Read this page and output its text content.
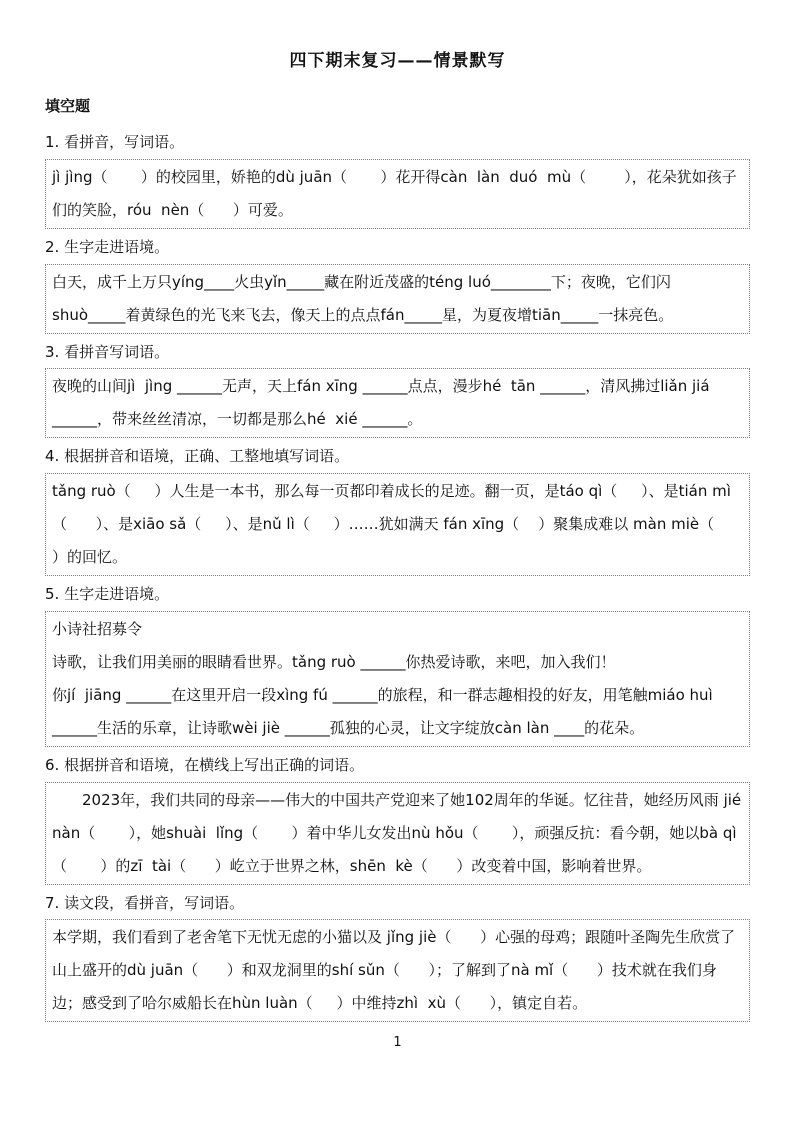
四下期末复习——情景默写
填空题
1. 看拼音，写词语。

jì jìng（       ）的校园里，娇艳的dù juān（       ）花开得càn  làn  duó  mù（        ），花朵犹如孩子们的笑脸，róu  nèn（      ）可爱。

2. 生字走进语境。

白天，成千上万只yíng____火虫yǐn_____藏在附近茂盛的téng luó________下；夜晚，它们闪shuò_____着黄绿色的光飞来飞去，像天上的点点fán_____星，为夏夜增tiān_____一抹亮色。

3. 看拼音写词语。

夜晚的山间jì  jìng ______无声，天上fán xīng ______点点，漫步hé  tān ______，清风拂过liǎn jiá ______，带来丝丝清凉，一切都是那么hé  xié ______。

4. 根据拼音和语境，正确、工整地填写词语。

tǎng ruò（     ）人生是一本书，那么每一页都印着成长的足迹。翻一页，是táo qì（     ）、是tián mì（      ）、是xiāo sǎ（     ）、是nǔ lì（     ）……犹如满天 fán xīng（    ）聚集成难以 màn miè（     ）的回忆。

5. 生字走进语境。

小诗社招募令

诗歌，让我们用美丽的眼睛看世界。tǎng ruò ______你热爱诗歌，来吧，加入我们！

你jí  jiāng ______在这里开启一段xìng fú ______的旅程，和一群志趣相投的好友，用笔触miáo huì ______生活的乐章，让诗歌wèi jiè ______孤独的心灵，让文字绽放càn làn ____的花朵。

6. 根据拼音和语境，在横线上写出正确的词语。

2023年，我们共同的母亲——伟大的中国共产党迎来了她102周年的华诞。忆往昔，她经历风雨 jié nàn（       ），她shuài  lǐng（       ）着中华儿女发出nù hǒu（       ），顽强反抗：看今朝，她以bà qì（       ）的zī  tài（      ）屹立于世界之林，shēn  kè（      ）改变着中国，影响着世界。

7. 读文段，看拼音，写词语。

本学期，我们看到了老舍笔下无忧无虑的小猫以及 jǐng jiè（      ）心强的母鸡；跟随叶圣陶先生欣赏了山上盛开的dù juān（      ）和双龙洞里的shí sǔn（      ）；了解到了nà mǐ（      ）技术就在我们身边；感受到了哈尔威船长在hùn luàn（     ）中维持zhì  xù（      ），镇定自若。

1
